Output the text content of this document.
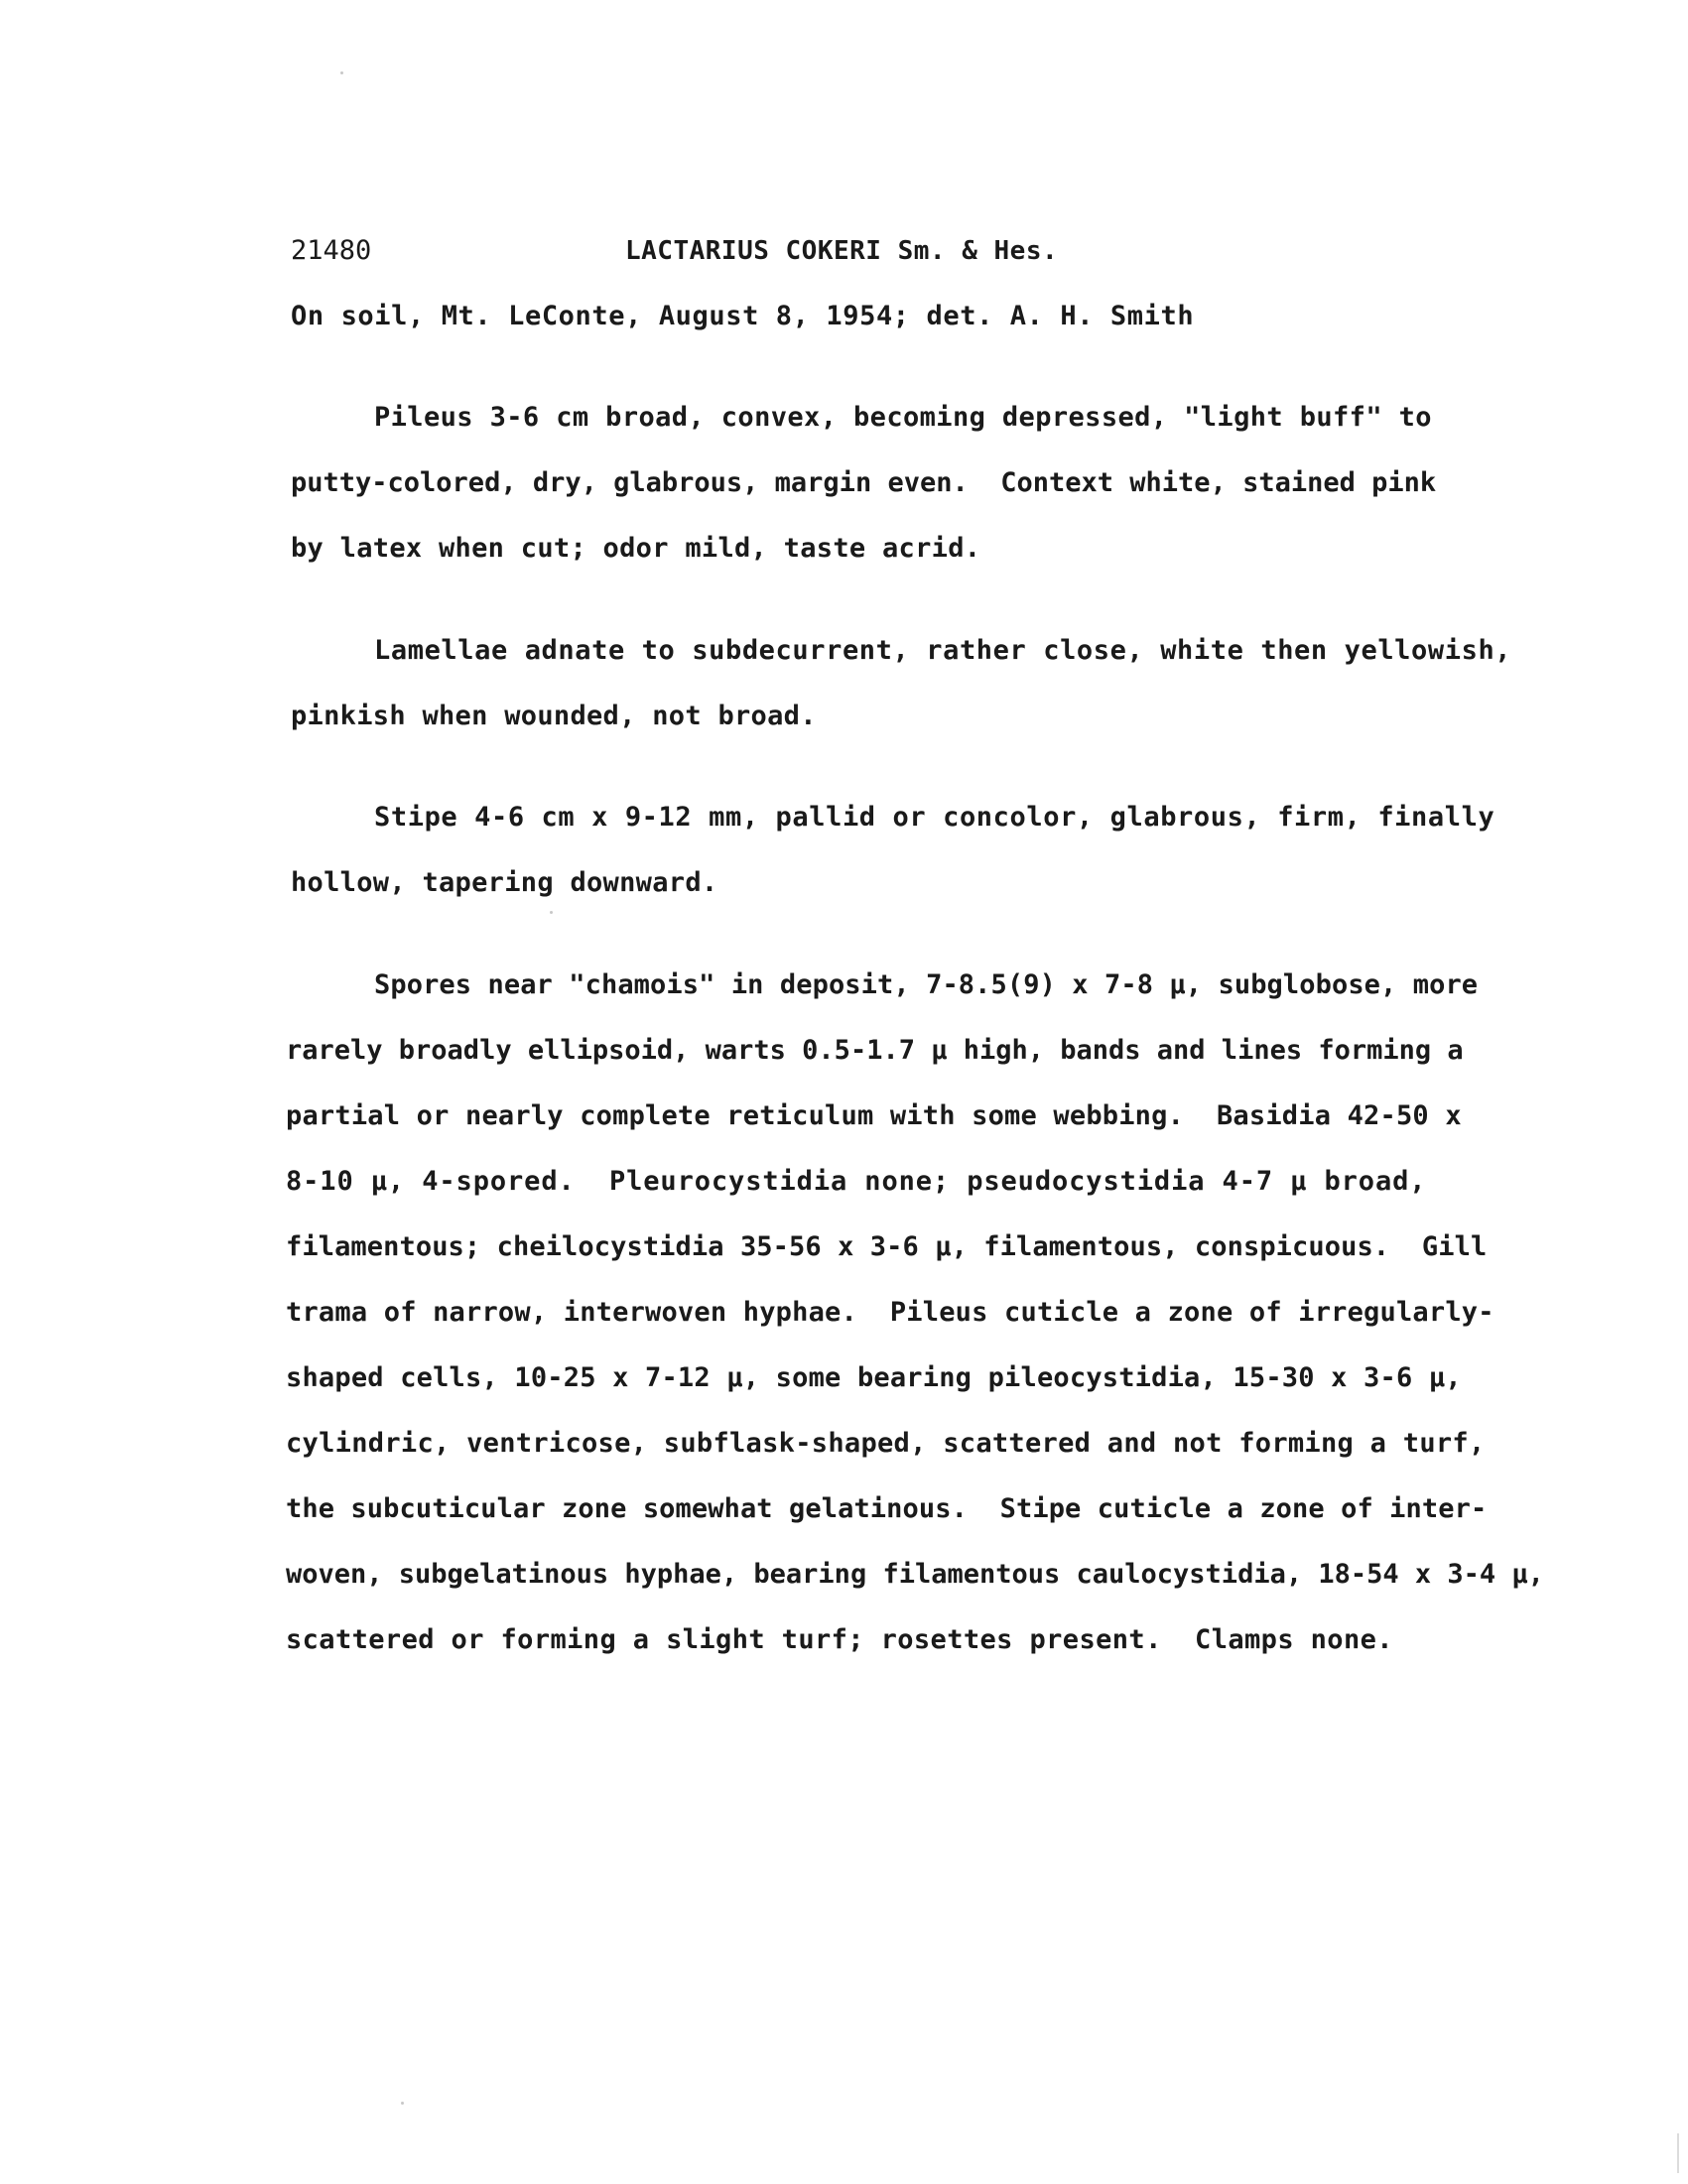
21480	LACTARIUS COKERI Sm. & Hes.
On soil, Mt. LeConte, August 8, 1954; det. A. H. Smith
Pileus 3-6 cm broad, convex, becoming depressed, "light buff" to
putty-colored, dry, glabrous, margin even.  Context white, stained pink
by latex when cut; odor mild, taste acrid.
Lamellae adnate to subdecurrent, rather close, white then yellowish,
pinkish when wounded, not broad.
Stipe 4-6 cm x 9-12 mm, pallid or concolor, glabrous, firm, finally
hollow, tapering downward.
Spores near "chamois" in deposit, 7-8.5(9) x 7-8 µ, subglobose, more
rarely broadly ellipsoid, warts 0.5-1.7 µ high, bands and lines forming a
partial or nearly complete reticulum with some webbing.  Basidia 42-50 x
8-10 µ, 4-spored.  Pleurocystidia none; pseudocystidia 4-7 µ broad,
filamentous; cheilocystidia 35-56 x 3-6 µ, filamentous, conspicuous.  Gill
trama of narrow, interwoven hyphae.  Pileus cuticle a zone of irregularly-
shaped cells, 10-25 x 7-12 µ, some bearing pileocystidia, 15-30 x 3-6 µ,
cylindric, ventricose, subflask-shaped, scattered and not forming a turf,
the subcuticular zone somewhat gelatinous.  Stipe cuticle a zone of inter-
woven, subgelatinous hyphae, bearing filamentous caulocystidia, 18-54 x 3-4 µ,
scattered or forming a slight turf; rosettes present.  Clamps none.
